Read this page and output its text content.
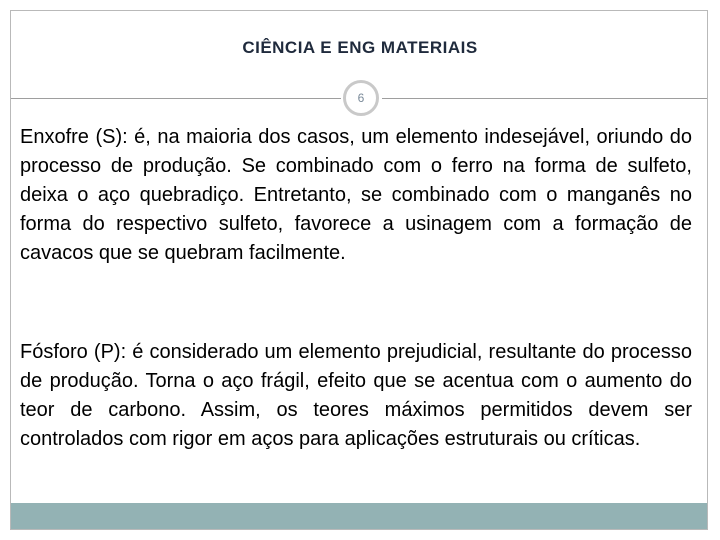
CIÊNCIA E ENG MATERIAIS
6

Enxofre (S): é, na maioria dos casos, um elemento indesejável, oriundo do processo de produção. Se combinado com o ferro na forma de sulfeto, deixa o aço quebradiço. Entretanto, se combinado com o manganês no forma do respectivo sulfeto, favorece a usinagem com a formação de cavacos que se quebram facilmente.

Fósforo (P): é considerado um elemento prejudicial, resultante do processo de produção. Torna o aço frágil, efeito que se acentua com o aumento do teor de carbono. Assim, os teores máximos permitidos devem ser controlados com rigor em aços para aplicações estruturais ou críticas.
